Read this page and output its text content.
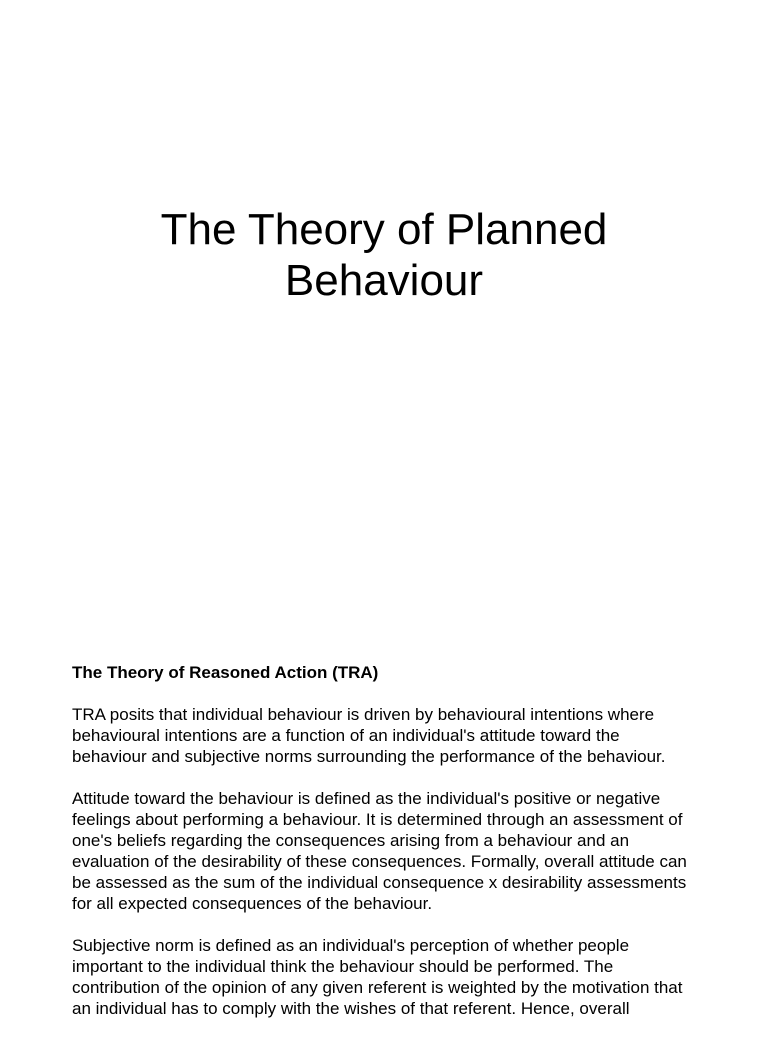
The Theory of Planned
Behaviour
The Theory of Reasoned Action (TRA)
TRA posits that individual behaviour is driven by behavioural intentions where
behavioural intentions are a function of an individual's attitude toward the
behaviour and subjective norms surrounding the performance of the behaviour.
Attitude toward the behaviour is defined as the individual's positive or negative
feelings about performing a behaviour. It is determined through an assessment of
one's beliefs regarding the consequences arising from a behaviour and an
evaluation of the desirability of these consequences. Formally, overall attitude can
be assessed as the sum of the individual consequence x desirability assessments
for all expected consequences of the behaviour.
Subjective norm is defined as an individual's perception of whether people
important to the individual think the behaviour should be performed. The
contribution of the opinion of any given referent is weighted by the motivation that
an individual has to comply with the wishes of that referent. Hence, overall
